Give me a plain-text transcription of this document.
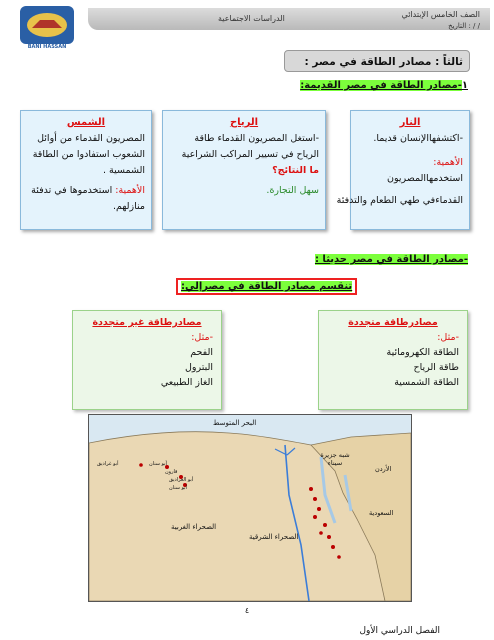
الصف الخامس الإبتدائي
التاريخ : / /
الدراسات الاجتماعية
BANI HASSAN
ثالثاً : مصادر الطاقة في مصر :
١-مصادر الطاقة في مصر القديمة:
النار
-اكتشفهاالإنسان قديما.
الأهمية: استخدمهاالمصريون
القدماءفي طهي الطعام والتدفئة
الرياح
-استغل المصريون القدماء طاقة
الرياح في تسيير المراكب الشراعية
ما النتائج؟
سهل التجارة.
الشمس
المصريون القدماء من أوائل
الشعوب استفادوا من الطاقة
الشمسية .
الأهمية: استخدموها في تدفئة
منازلهم.
-مصادر الطاقة في مصر حديثا :
تنقسم مصادر الطاقة في مصرإلي:
مصادرطاقة متجددة
-مثل:
الطاقة الكهرومائية
طاقة الرياح
الطاقة الشمسية
مصادرطاقة غير متجددة
-مثل:
الفحم
البترول
الغاز الطبيعي
البحر المتوسط
شبه جزيرة سيناء
الأردن
السعودية
الصحراء الغربية
الصحراء الشرقية
أبو سنان
أبو غراديق
قارون
أبو الغراديق
أبو سنان
٤
الفصل الدراسي الأول
